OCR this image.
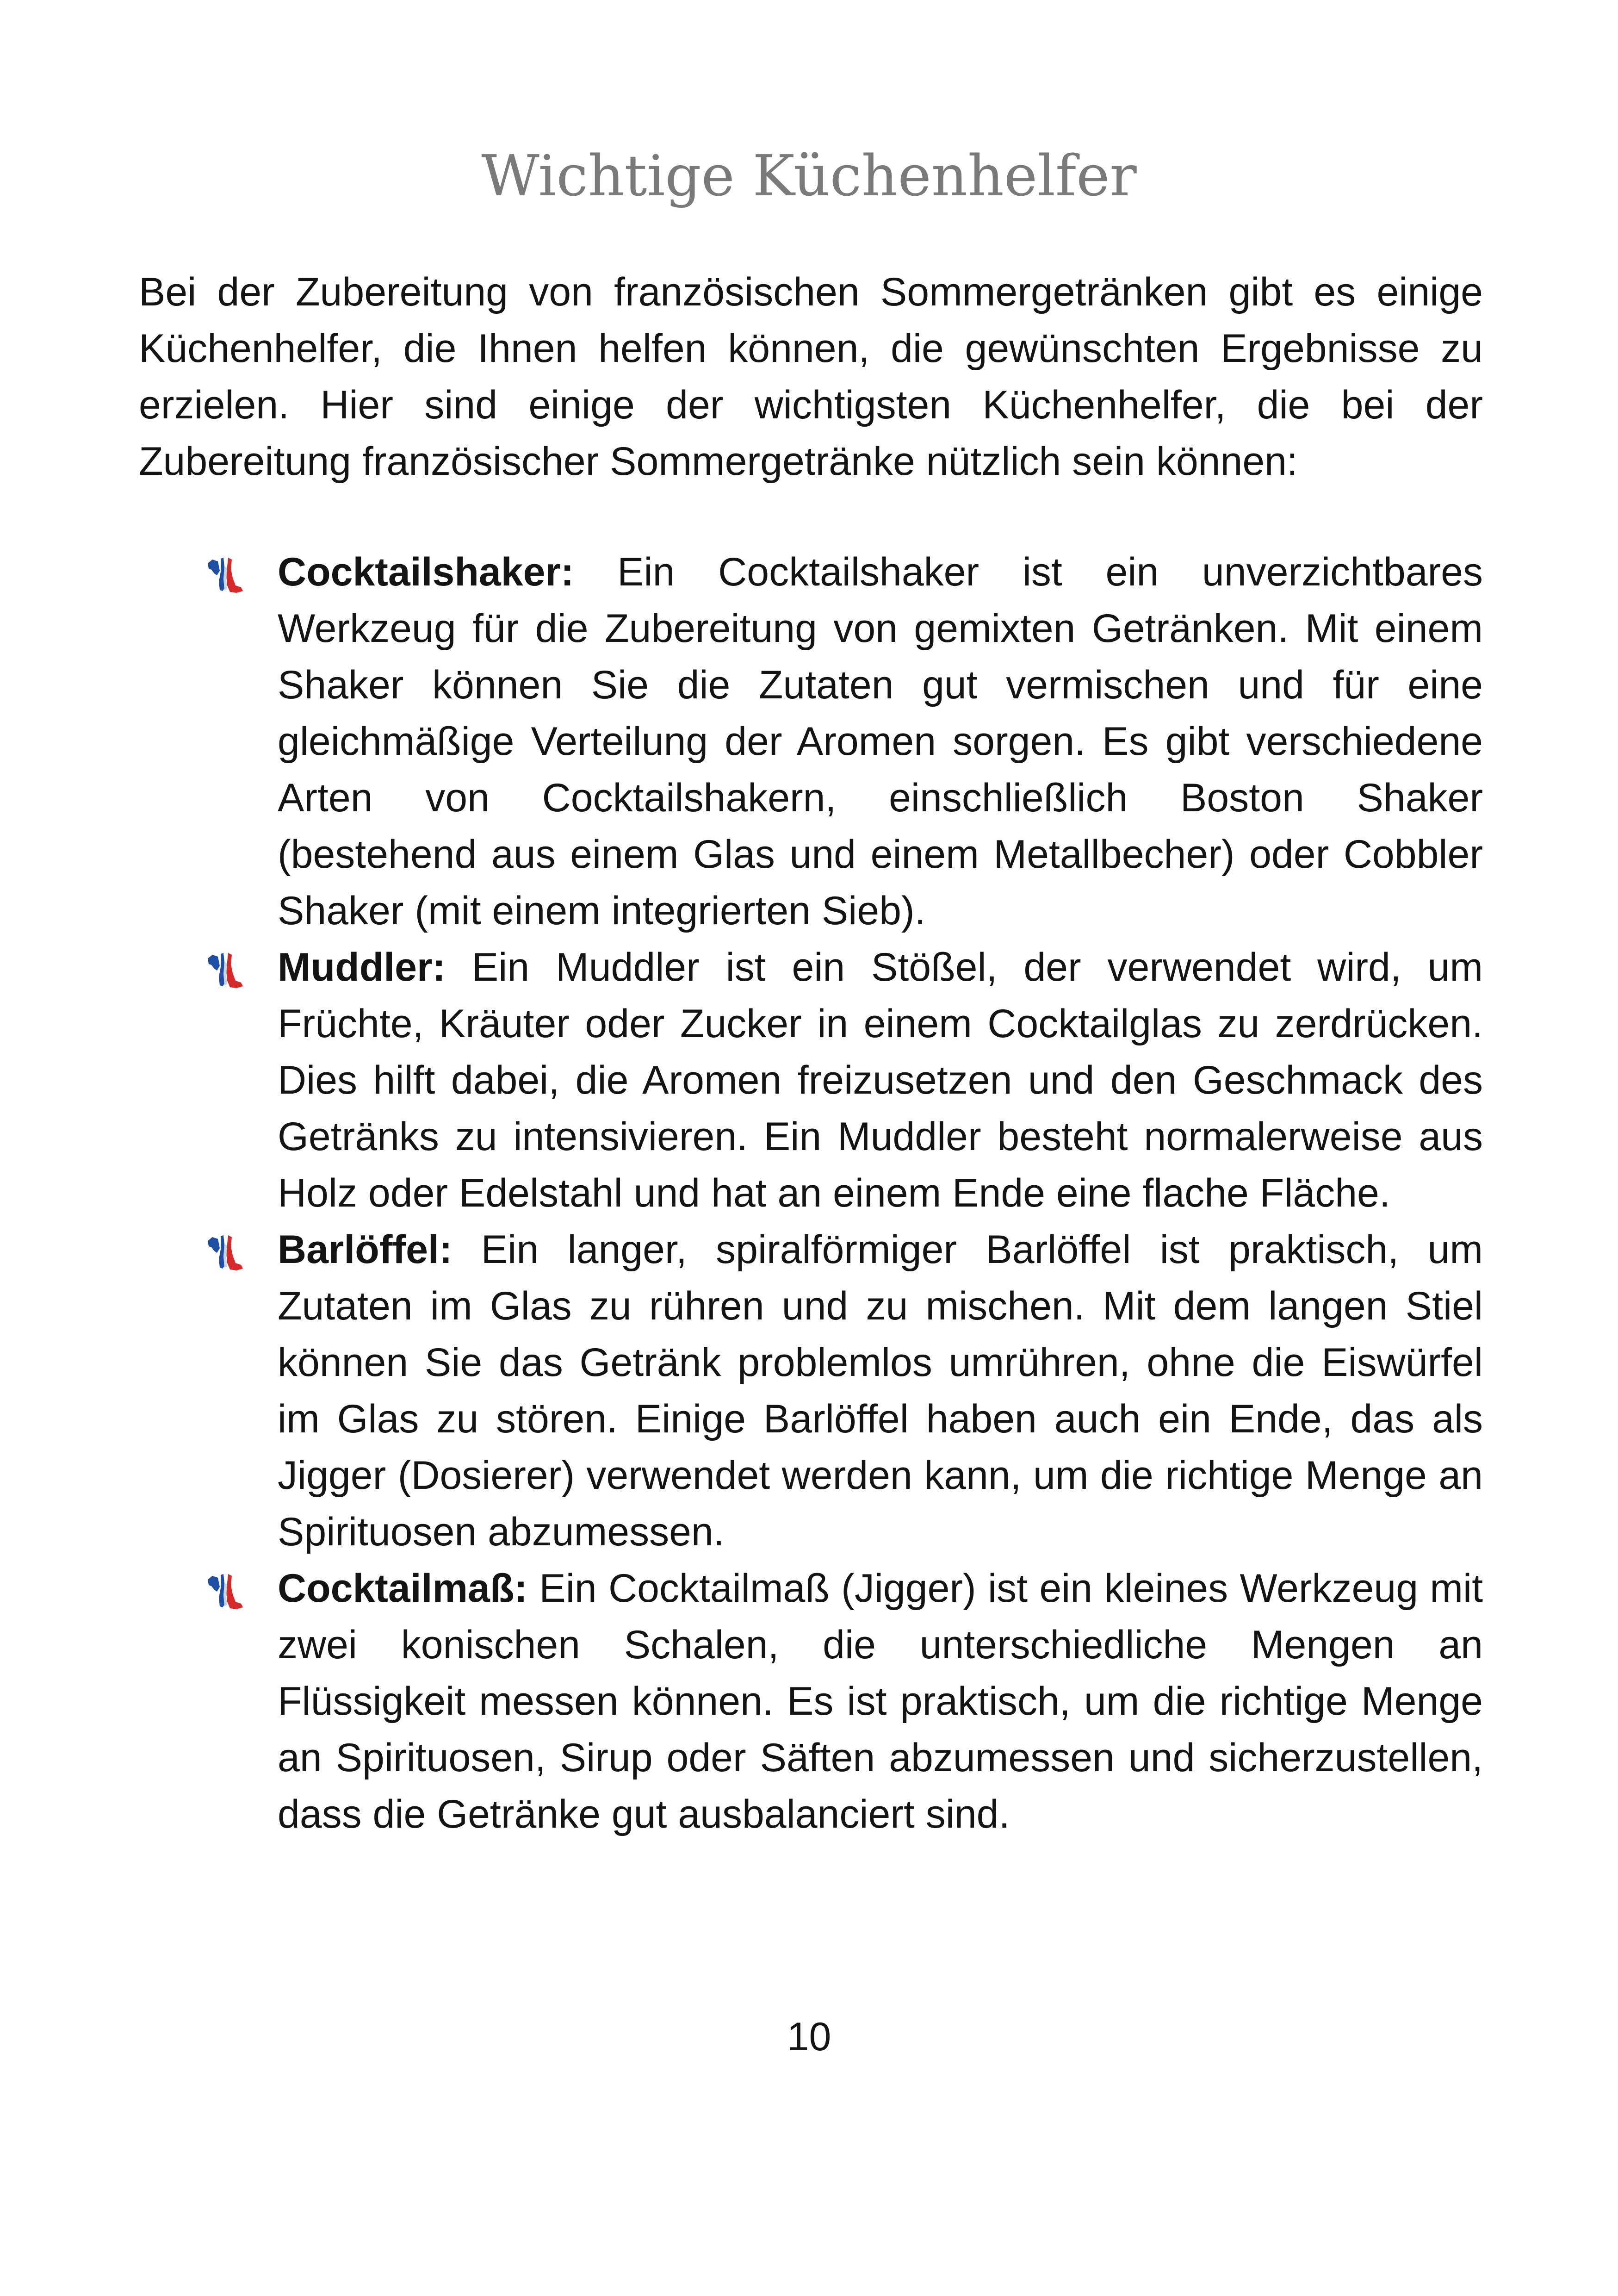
Wichtige Küchenhelfer

Bei der Zubereitung von französischen Sommergetränken gibt es einige Küchenhelfer, die Ihnen helfen können, die gewünschten Ergebnisse zu erzielen. Hier sind einige der wichtigsten Küchenhelfer, die bei der Zubereitung französischer Sommergetränke nützlich sein können:

Cocktailshaker: Ein Cocktailshaker ist ein unverzichtbares Werkzeug für die Zubereitung von gemixten Getränken. Mit einem Shaker können Sie die Zutaten gut vermischen und für eine gleichmäßige Verteilung der Aromen sorgen. Es gibt verschiedene Arten von Cocktailshakern, einschließlich Boston Shaker (bestehend aus einem Glas und einem Metallbecher) oder Cobbler Shaker (mit einem integrierten Sieb).
Muddler: Ein Muddler ist ein Stößel, der verwendet wird, um Früchte, Kräuter oder Zucker in einem Cocktailglas zu zerdrücken. Dies hilft dabei, die Aromen freizusetzen und den Geschmack des Getränks zu intensivieren. Ein Muddler besteht normalerweise aus Holz oder Edelstahl und hat an einem Ende eine flache Fläche.
Barlöffel: Ein langer, spiralförmiger Barlöffel ist praktisch, um Zutaten im Glas zu rühren und zu mischen. Mit dem langen Stiel können Sie das Getränk problemlos umrühren, ohne die Eiswürfel im Glas zu stören. Einige Barlöffel haben auch ein Ende, das als Jigger (Dosierer) verwendet werden kann, um die richtige Menge an Spirituosen abzumessen.
Cocktailmaß: Ein Cocktailmaß (Jigger) ist ein kleines Werkzeug mit zwei konischen Schalen, die unterschiedliche Mengen an Flüssigkeit messen können. Es ist praktisch, um die richtige Menge an Spirituosen, Sirup oder Säften abzumessen und sicherzustellen, dass die Getränke gut ausbalanciert sind.
10
